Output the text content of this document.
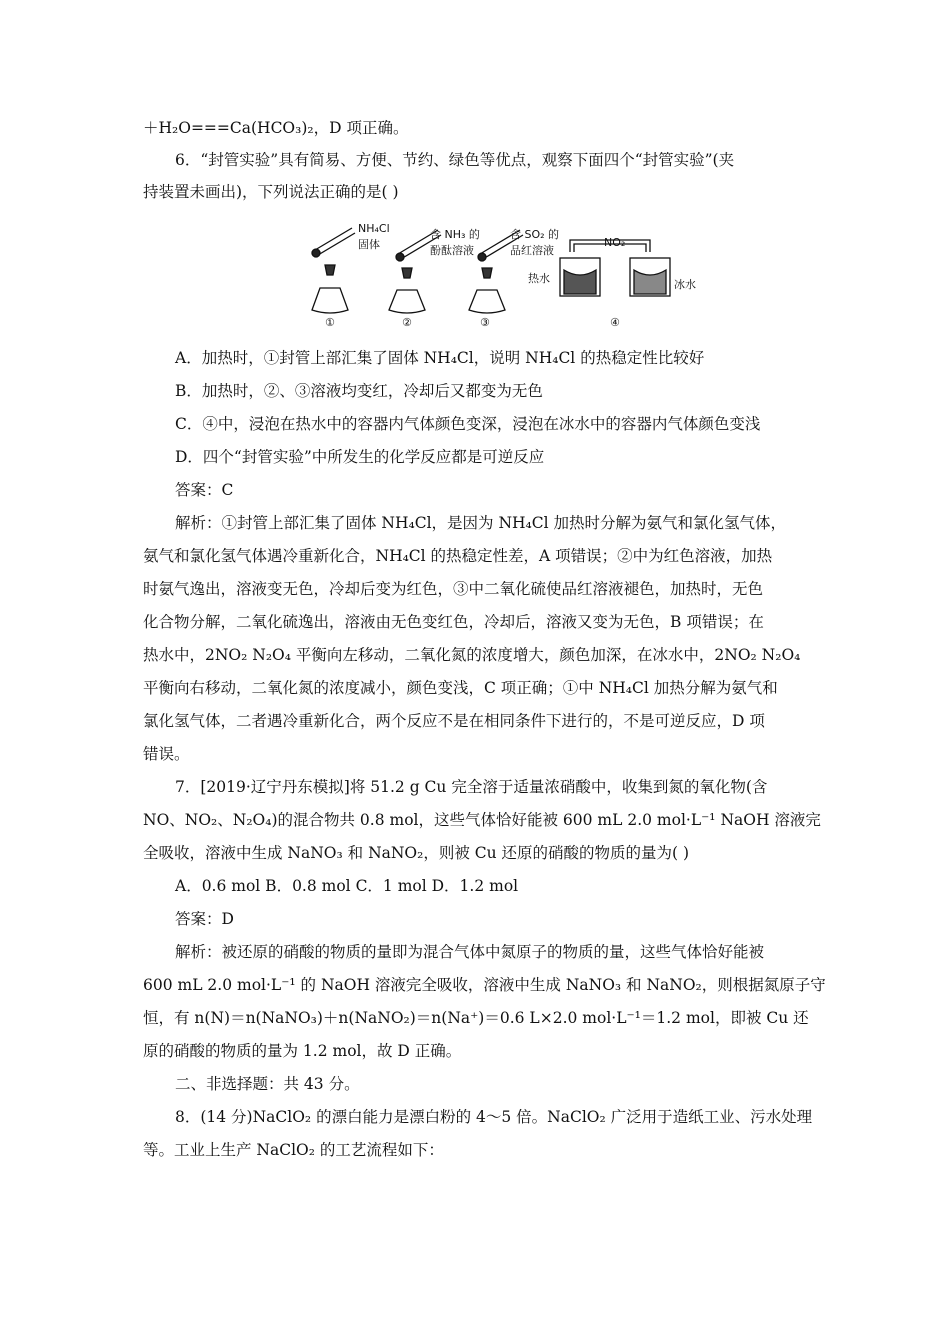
＋H₂O===Ca(HCO₃)₂，D 项正确。
6．“封管实验”具有简易、方便、节约、绿色等优点，观察下面四个“封管实验”(夹
持装置未画出)，下列说法正确的是( )
NH₄Cl
固体
①
含 NH₃ 的
酚酞溶液
②
含 SO₂ 的
品红溶液
③
NO₂
热水	冰水
④
A．加热时，①封管上部汇集了固体 NH₄Cl，说明 NH₄Cl 的热稳定性比较好
B．加热时，②、③溶液均变红，冷却后又都变为无色
C．④中，浸泡在热水中的容器内气体颜色变深，浸泡在冰水中的容器内气体颜色变浅
D．四个“封管实验”中所发生的化学反应都是可逆反应
答案：C
解析：①封管上部汇集了固体 NH₄Cl，是因为 NH₄Cl 加热时分解为氨气和氯化氢气体，
氨气和氯化氢气体遇冷重新化合，NH₄Cl 的热稳定性差，A 项错误；②中为红色溶液，加热
时氨气逸出，溶液变无色，冷却后变为红色，③中二氧化硫使品红溶液褪色，加热时，无色
化合物分解，二氧化硫逸出，溶液由无色变红色，冷却后，溶液又变为无色，B 项错误；在
热水中，2NO₂ N₂O₄ 平衡向左移动，二氧化氮的浓度增大，颜色加深，在冰水中，2NO₂ N₂O₄
平衡向右移动，二氧化氮的浓度减小，颜色变浅，C 项正确；①中 NH₄Cl 加热分解为氨气和
氯化氢气体，二者遇冷重新化合，两个反应不是在相同条件下进行的，不是可逆反应，D 项
错误。
7．[2019·辽宁丹东模拟]将 51.2 g Cu 完全溶于适量浓硝酸中，收集到氮的氧化物(含
NO、NO₂、N₂O₄)的混合物共 0.8 mol，这些气体恰好能被 600 mL 2.0 mol·L⁻¹ NaOH 溶液完
全吸收，溶液中生成 NaNO₃ 和 NaNO₂，则被 Cu 还原的硝酸的物质的量为( )
A．0.6 mol B．0.8 mol C．1 mol D．1.2 mol
答案：D
解析：被还原的硝酸的物质的量即为混合气体中氮原子的物质的量，这些气体恰好能被
600 mL 2.0 mol·L⁻¹ 的 NaOH 溶液完全吸收，溶液中生成 NaNO₃ 和 NaNO₂，则根据氮原子守
恒，有 n(N)＝n(NaNO₃)＋n(NaNO₂)＝n(Na⁺)＝0.6 L×2.0 mol·L⁻¹＝1.2 mol，即被 Cu 还
原的硝酸的物质的量为 1.2 mol，故 D 正确。
二、非选择题：共 43 分。
8．(14 分)NaClO₂ 的漂白能力是漂白粉的 4～5 倍。NaClO₂ 广泛用于造纸工业、污水处理
等。工业上生产 NaClO₂ 的工艺流程如下：
